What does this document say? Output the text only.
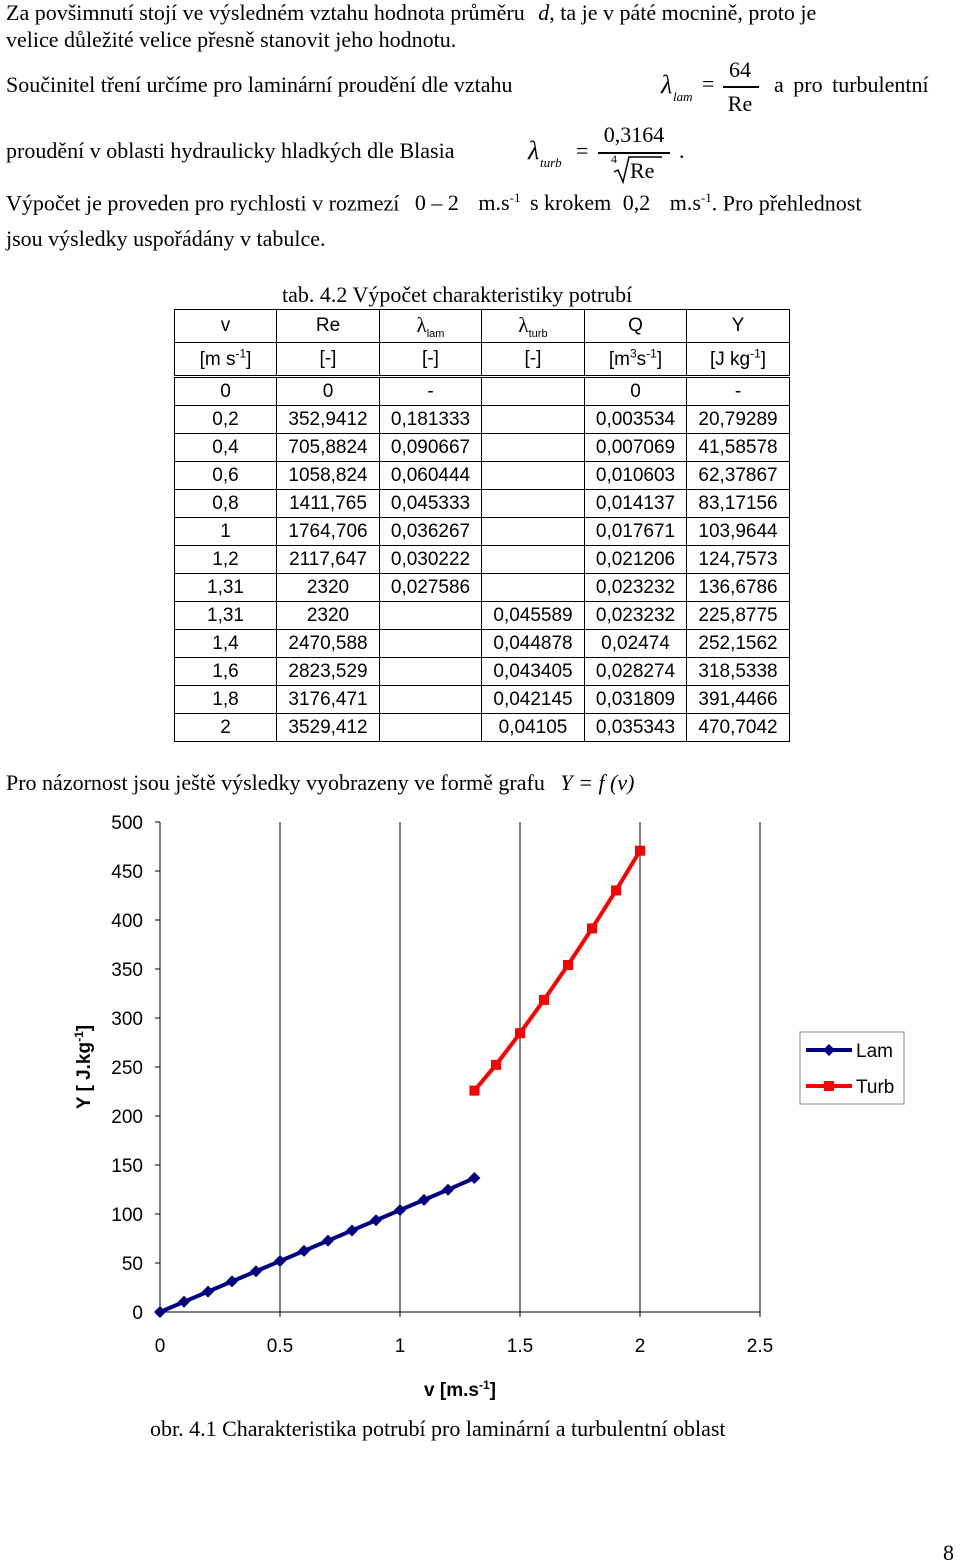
Za povšimnutí stojí ve výsledném vztahu hodnota průměru d, ta je v páté mocnině, proto je
velice důležité velice přesně stanovit jeho hodnotu.
Součinitel tření určíme pro laminární proudění dle vztahu	λ lam
=
64
Re
a pro turbulentní
proudění v oblasti hydraulicky hladkých dle Blasia	λ turb =
0,3164
4 Re
.
Výpočet je proveden pro rychlosti v rozmezí 0 – 2 $m.s^{-1}$ s krokem 0,2 $m.s^{-1}$. Pro přehlednost
jsou výsledky uspořádány v tabulce.
tab. 4.2 Výpočet charakteristiky potrubí
v	Re	$\lambda_{lam}$	$\lambda_{turb}$	Q	Y
[m $s^{-1}$]	[-]	[-]	[-]	$[m^3s^{-1}]$	[J $kg^{-1}$]
0	0	-		0	-
0,2	352,9412	0,181333		0,003534	20,79289
0,4	705,8824	0,090667		0,007069	41,58578
0,6	1058,824	0,060444		0,010603	62,37867
0,8	1411,765	0,045333		0,014137	83,17156
1	1764,706	0,036267		0,017671	103,9644
1,2	2117,647	0,030222		0,021206	124,7573
1,31	2320	0,027586		0,023232	136,6786
1,31	2320		0,045589	0,023232	225,8775
1,4	2470,588		0,044878	0,02474	252,1562
1,6	2823,529		0,043405	0,028274	318,5338
1,8	3176,471		0,042145	0,031809	391,4466
2	3529,412		0,04105	0,035343	470,7042
Pro názornost jsou ještě výsledky vyobrazeny ve formě grafu Y = f (v)
0
50
100
150
200
250
300
350
400
450
500
0	0.5	1	1.5	2	2.5
v $[m.s^{-1}]$
Y [ $J.kg^{-1}$]
Lam
Turb
obr. 4.1 Charakteristika potrubí pro laminární a turbulentní oblast
8
